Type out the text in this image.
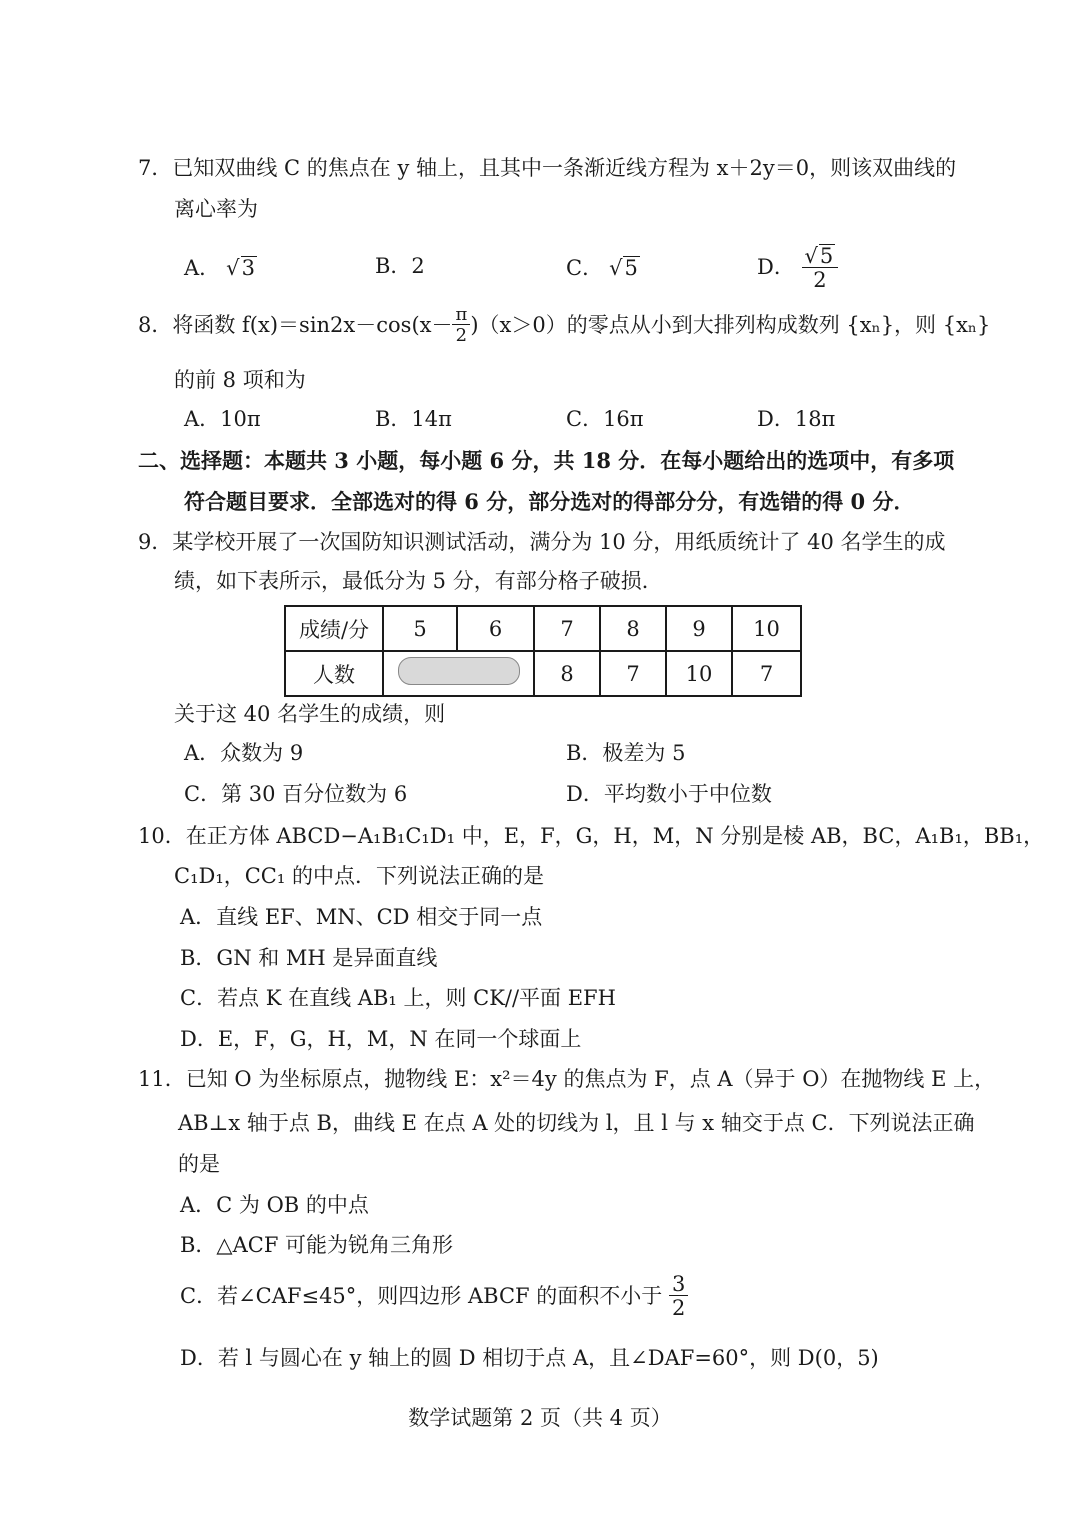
7．已知双曲线 C 的焦点在 y 轴上，且其中一条渐近线方程为 x＋2y＝0，则该双曲线的
离心率为
A． √3	B．2	C． √5	D． $\frac{√5}{2}$
8．将函数 $f(x)=\sin 2x-\cos(x- \frac{\pi}{2} )(x>0)$的零点从小到大排列构成数列 {xₙ}，则 {xₙ}
的前 8 项和为
A．10π	B．14π	C．16π	D．18π
二、选择题：本题共 3 小题，每小题 6 分，共 18 分．在每小题给出的选项中，有多项
符合题目要求．全部选对的得 6 分，部分选对的得部分分，有选错的得 0 分．
9．某学校开展了一次国防知识测试活动，满分为 10 分，用纸质统计了 40 名学生的成
绩，如下表所示，最低分为 5 分，有部分格子破损．
成绩/分	5	6	7	8	9	10
人数			8	7	10	7
关于这 40 名学生的成绩，则
A．众数为 9	B．极差为 5
C．第 30 百分位数为 6	D．平均数小于中位数
10．在正方体 ABCD−A₁B₁C₁D₁ 中，E，F，G，H，M，N 分别是棱 AB，BC，A₁B₁，BB₁，
C₁D₁，CC₁ 的中点．下列说法正确的是
A．直线 EF、MN、CD 相交于同一点
B．GN 和 MH 是异面直线
C．若点 K 在直线 AB₁ 上，则 CK//平面 EFH
D．E，F，G，H，M，N 在同一个球面上
11．已知 O 为坐标原点，抛物线 E：x²＝4y 的焦点为 F，点 A（异于 O）在抛物线 E 上，
AB⊥x 轴于点 B，曲线 E 在点 A 处的切线为 l，且 l 与 x 轴交于点 C．下列说法正确
的是
A．C 为 OB 的中点
B．△ACF 可能为锐角三角形
C．若∠CAF≤45°，则四边形 ABCF 的面积不小于 $\frac{3}{2}$
D．若 l 与圆心在 y 轴上的圆 D 相切于点 A，且∠DAF=60°，则 D(0，5)
数学试题第 2 页（共 4 页）
